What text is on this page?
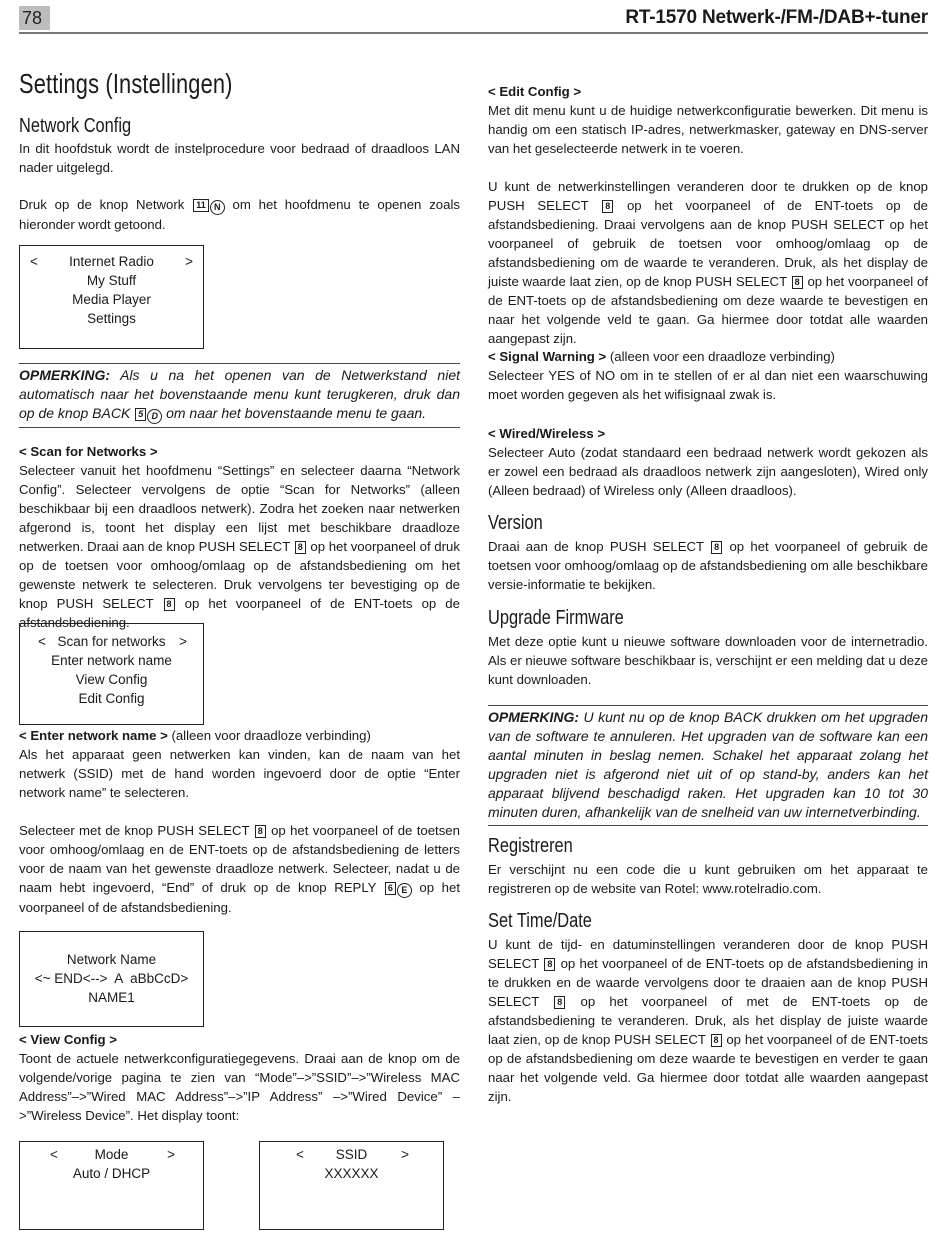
78	RT-1570 Netwerk-/FM-/DAB+-tuner
Settings (Instellingen)
Network Config

In dit hoofdstuk wordt de instelprocedure voor bedraad of draadloos LAN nader uitgelegd.

Druk op de knop Network 11 N om het hoofdmenu te openen zoals hieronder wordt getoond.

< Internet Radio >
My Stuff
Media Player
Settings

OPMERKING: Als u na het openen van de Netwerkstand niet automatisch naar het bovenstaande menu kunt terugkeren, druk dan op de knop BACK 5 D om naar het bovenstaande menu te gaan.

< Scan for Networks >
Selecteer vanuit het hoofdmenu “Settings” en selecteer daarna “Network Config”. Selecteer vervolgens de optie “Scan for Networks” (alleen beschikbaar bij een draadloos netwerk). Zodra het zoeken naar netwerken afgerond is, toont het display een lijst met beschikbare draadloze netwerken. Draai aan de knop PUSH SELECT 8 op het voorpaneel of druk op de toetsen voor omhoog/omlaag op de afstandsbediening om het gewenste netwerk te selecteren. Druk vervolgens ter bevestiging op de knop PUSH SELECT 8 op het voorpaneel of de ENT-toets op de afstandsbediening.

< Scan for networks >
Enter network name
View Config
Edit Config

< Enter network name > (alleen voor draadloze verbinding)
Als het apparaat geen netwerken kan vinden, kan de naam van het netwerk (SSID) met de hand worden ingevoerd door de optie “Enter network name” te selecteren.

Selecteer met de knop PUSH SELECT 8 op het voorpaneel of de toetsen voor omhoog/omlaag en de ENT-toets op de afstandsbediening de letters voor de naam van het gewenste draadloze netwerk. Selecteer, nadat u de naam hebt ingevoerd, “End” of druk op de knop REPLY 6 E op het voorpaneel of de afstandsbediening.

Network Name
<~ END<-->  A  aBbCcD>
NAME1

< View Config >
Toont de actuele netwerkconfiguratiegegevens. Draai aan de knop om de volgende/vorige pagina te zien van “Mode”–>”SSID”–>”Wireless MAC Address”–>”Wired MAC Address”–>”IP Address” –>”Wired Device” –>”Wireless Device”. Het display toont:

<	Mode	>
Auto / DHCP
< SSID	>
XXXXXX

< Edit Config >
Met dit menu kunt u de huidige netwerkconfiguratie bewerken. Dit menu is handig om een statisch IP-adres, netwerkmasker, gateway en DNS-server van het geselecteerde netwerk in te voeren.

U kunt de netwerkinstellingen veranderen door te drukken op de knop PUSH SELECT 8 op het voorpaneel of de ENT-toets op de afstandsbediening. Draai vervolgens aan de knop PUSH SELECT op het voorpaneel of gebruik de toetsen voor omhoog/omlaag op de afstandsbediening om de waarde te veranderen. Druk, als het display de juiste waarde laat zien, op de knop PUSH SELECT 8 op het voorpaneel of de ENT-toets op de afstandsbediening om deze waarde te bevestigen en naar het volgende veld te gaan. Ga hiermee door totdat alle waarden aangepast zijn.

< Signal Warning > (alleen voor een draadloze verbinding)
Selecteer YES of NO om in te stellen of er al dan niet een waarschuwing moet worden gegeven als het wifisignaal zwak is.

< Wired/Wireless >
Selecteer Auto (zodat standaard een bedraad netwerk wordt gekozen als er zowel een bedraad als draadloos netwerk zijn aangesloten), Wired only (Alleen bedraad) of Wireless only (Alleen draadloos).

Version

Draai aan de knop PUSH SELECT 8 op het voorpaneel of gebruik de toetsen voor omhoog/omlaag op de afstandsbediening om alle beschikbare versie-informatie te bekijken.

Upgrade Firmware

Met deze optie kunt u nieuwe software downloaden voor de internetradio. Als er nieuwe software beschikbaar is, verschijnt er een melding dat u deze kunt downloaden.

OPMERKING: U kunt nu op de knop BACK drukken om het upgraden van de software te annuleren. Het upgraden van de software kan een aantal minuten in beslag nemen. Schakel het apparaat zolang het upgraden niet is afgerond niet uit of op stand-by, anders kan het apparaat blijvend beschadigd raken. Het upgraden kan 10 tot 30 minuten duren, afhankelijk van de snelheid van uw internetverbinding.

Registreren

Er verschijnt nu een code die u kunt gebruiken om het apparaat te registreren op de website van Rotel: www.rotelradio.com.

Set Time/Date

U kunt de tijd- en datuminstellingen veranderen door de knop PUSH SELECT 8 op het voorpaneel of de ENT-toets op de afstandsbediening in te drukken en de waarde vervolgens door te draaien aan de knop PUSH SELECT 8 op het voorpaneel of met de ENT-toets op de afstandsbediening te veranderen. Druk, als het display de juiste waarde laat zien, op de knop PUSH SELECT 8 op het voorpaneel of de ENT-toets op de afstandsbediening om deze waarde te bevestigen en verder te gaan naar het volgende veld. Ga hiermee door totdat alle waarden aangepast zijn.
